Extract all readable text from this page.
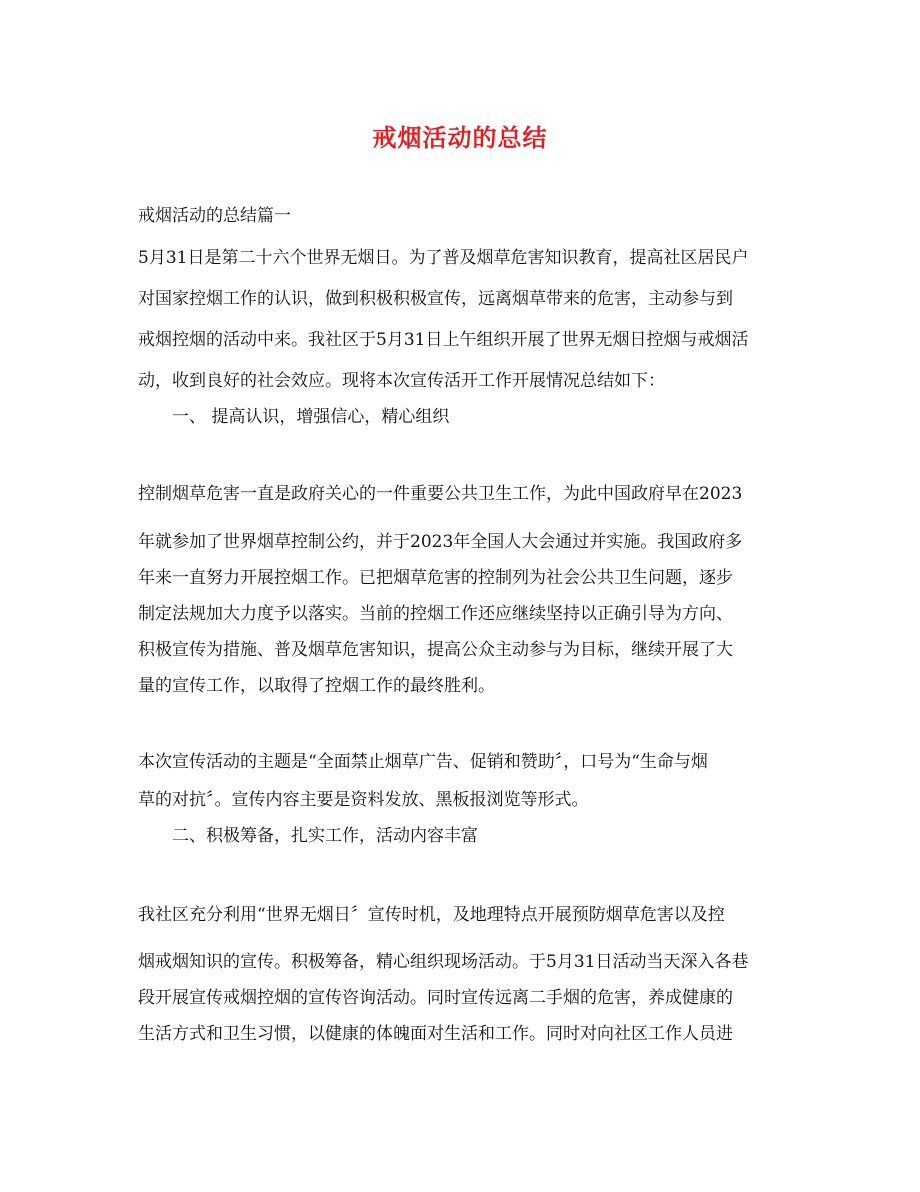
戒烟活动的总结
戒烟活动的总结篇一
5月31日是第二十六个世界无烟日。为了普及烟草危害知识教育，提高社区居民户
对国家控烟工作的认识，做到积极积极宣传，远离烟草带来的危害，主动参与到
戒烟控烟的活动中来。我社区于5月31日上午组织开展了世界无烟日控烟与戒烟活
动，收到良好的社会效应。现将本次宣传活开工作开展情况总结如下：
一、 提高认识，增强信心，精心组织
控制烟草危害一直是政府关心的一件重要公共卫生工作，为此中国政府早在2023
年就参加了世界烟草控制公约，并于2023年全国人大会通过并实施。我国政府多
年来一直努力开展控烟工作。已把烟草危害的控制列为社会公共卫生问题，逐步
制定法规加大力度予以落实。当前的控烟工作还应继续坚持以正确引导为方向、
积极宣传为措施、普及烟草危害知识，提高公众主动参与为目标，继续开展了大
量的宣传工作，以取得了控烟工作的最终胜利。
本次宣传活动的主题是“全面禁止烟草广告、促销和赞助〞，口号为“生命与烟
草的对抗〞。宣传内容主要是资料发放、黑板报浏览等形式。
二、积极筹备，扎实工作，活动内容丰富
我社区充分利用“世界无烟日〞宣传时机，及地理特点开展预防烟草危害以及控
烟戒烟知识的宣传。积极筹备，精心组织现场活动。于5月31日活动当天深入各巷
段开展宣传戒烟控烟的宣传咨询活动。同时宣传远离二手烟的危害，养成健康的
生活方式和卫生习惯，以健康的体魄面对生活和工作。同时对向社区工作人员进
